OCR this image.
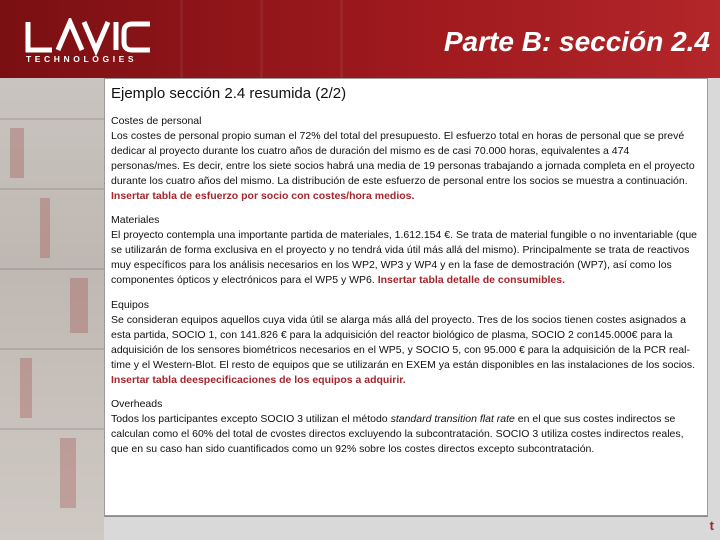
TECHNOLOGIES
Parte B: sección 2.4
Ejemplo sección 2.4 resumida (2/2)
Costes de personal

Los costes de personal propio suman el 72% del total del presupuesto. El esfuerzo total en horas de personal que se prevé dedicar al proyecto durante los cuatro años de duración del mismo es de casi 70.000 horas, equivalentes a 474 personas/mes. Es decir, entre los siete socios habrá una media de 19 personas trabajando a jornada completa en el proyecto durante los cuatro años del mismo. La distribución de este esfuerzo de personal entre los socios se muestra a continuación. Insertar tabla de esfuerzo por socio con costes/hora medios.

Materiales

El proyecto contempla una importante partida de materiales, 1.612.154 €. Se trata de material fungible o no inventariable (que se utilizarán de forma exclusiva en el proyecto y no tendrá vida útil más allá del mismo). Principalmente se trata de reactivos muy específicos para los análisis necesarios en los WP2, WP3 y WP4 y en la fase de demostración (WP7), así como los componentes ópticos y electrónicos para el WP5 y WP6. Insertar tabla detalle de consumibles.

Equipos

Se consideran equipos aquellos cuya vida útil se alarga más allá del proyecto. Tres de los socios tienen costes asignados a esta partida, SOCIO 1, con 141.826 € para la adquisición del reactor biológico de plasma, SOCIO 2 con145.000€ para la adquisición de los sensores biométricos necesarios en el WP5, y SOCIO 5, con 95.000 € para la adquisición de la PCR real-time y el Western-Blot. El resto de equipos que se utilizarán en EXEM ya están disponibles en las instalaciones de los socios. Insertar tabla deespecificaciones de los equipos a adquirir.

Overheads

Todos los participantes excepto SOCIO 3 utilizan el método standard transition flat rate en el que sus costes indirectos se calculan como el 60% del total de cvostes directos excluyendo la subcontratación. SOCIO 3 utiliza costes indirectos reales, que en su caso han sido cuantificados como un 92% sobre los costes directos excepto subcontratación.

t
